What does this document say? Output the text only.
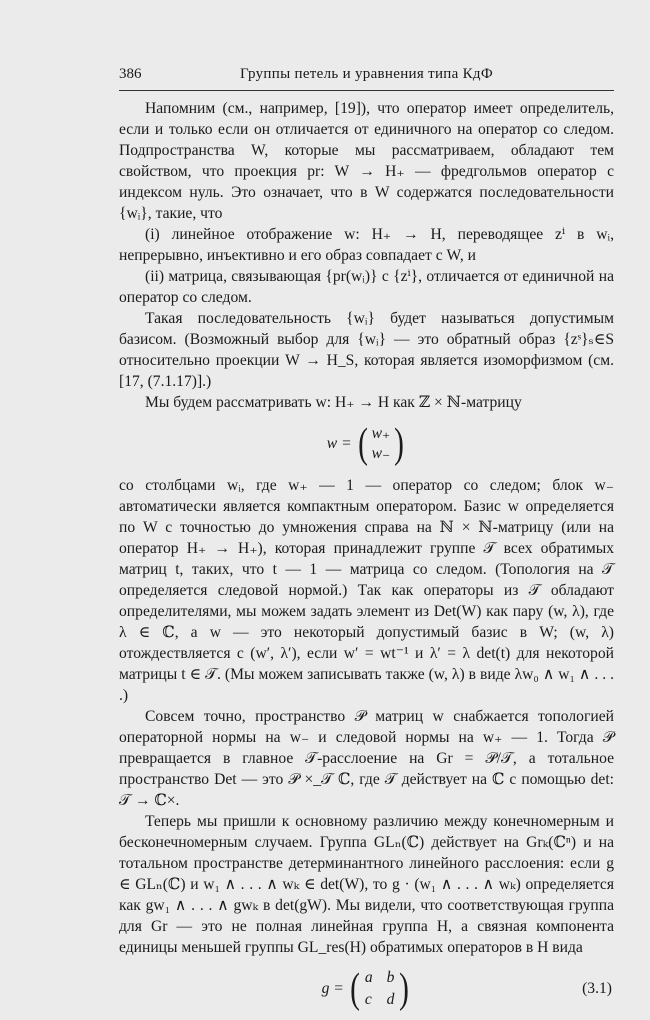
386	Группы петель и уравнения типа КдФ

Напомним (см., например, [19]), что оператор имеет определитель, если и только если он отличается от единичного на оператор со следом. Подпространства W, которые мы рассматриваем, обладают тем свойством, что проекция pr: W → H₊ — фредгольмов оператор с индексом нуль. Это означает, что в W содержатся последовательности {wᵢ}, такие, что

(i) линейное отображение w: H₊ → H, переводящее zⁱ в wᵢ, непрерывно, инъективно и его образ совпадает с W, и

(ii) матрица, связывающая {pr(wᵢ)} с {zⁱ}, отличается от единичной на оператор со следом.

Такая последовательность {wᵢ} будет называться допустимым базисом. (Возможный выбор для {wᵢ} — это обратный образ {zˢ}ₛ∈S относительно проекции W → H_S, которая является изоморфизмом (см. [17, (7.1.17)].)

Мы будем рассматривать w: H₊ → H как ℤ × ℕ-матрицу

w = ( w₊
w₋ )

со столбцами wᵢ, где w₊ — 1 — оператор со следом; блок w₋ автоматически является компактным оператором. Базис w определяется по W с точностью до умножения справа на ℕ × ℕ-матрицу (или на оператор H₊ → H₊), которая принадлежит группе 𝒯 всех обратимых матриц t, таких, что t — 1 — матрица со следом. (Топология на 𝒯 определяется следовой нормой.) Так как операторы из 𝒯 обладают определителями, мы можем задать элемент из Det(W) как пару (w, λ), где λ ∈ ℂ, а w — это некоторый допустимый базис в W; (w, λ) отождествляется с (w′, λ′), если w′ = wt⁻¹ и λ′ = λ det(t) для некоторой матрицы t ∈ 𝒯. (Мы можем записывать также (w, λ) в виде λw₀ ∧ w₁ ∧ . . . .)

Совсем точно, пространство 𝒫 матриц w снабжается топологией операторной нормы на w₋ и следовой нормы на w₊ — 1. Тогда 𝒫 превращается в главное 𝒯-расслоение на Gr = 𝒫/𝒯, а тотальное пространство Det — это 𝒫 ×_𝒯 ℂ, где 𝒯 действует на ℂ с помощью det: 𝒯 → ℂ×.

Теперь мы пришли к основному различию между конечномерным и бесконечномерным случаем. Группа GLₙ(ℂ) действует на Grₖ(ℂⁿ) и на тотальном пространстве детерминантного линейного расслоения: если g ∈ GLₙ(ℂ) и w₁ ∧ . . . ∧ wₖ ∈ det(W), то g · (w₁ ∧ . . . ∧ wₖ) определяется как gw₁ ∧ . . . ∧ gwₖ в det(gW). Мы видели, что соответствующая группа для Gr — это не полная линейная группа H, а связная компонента единицы меньшей группы GL_res(H) обратимых операторов в H вида

g = ( a b
c d )	(3.1)
